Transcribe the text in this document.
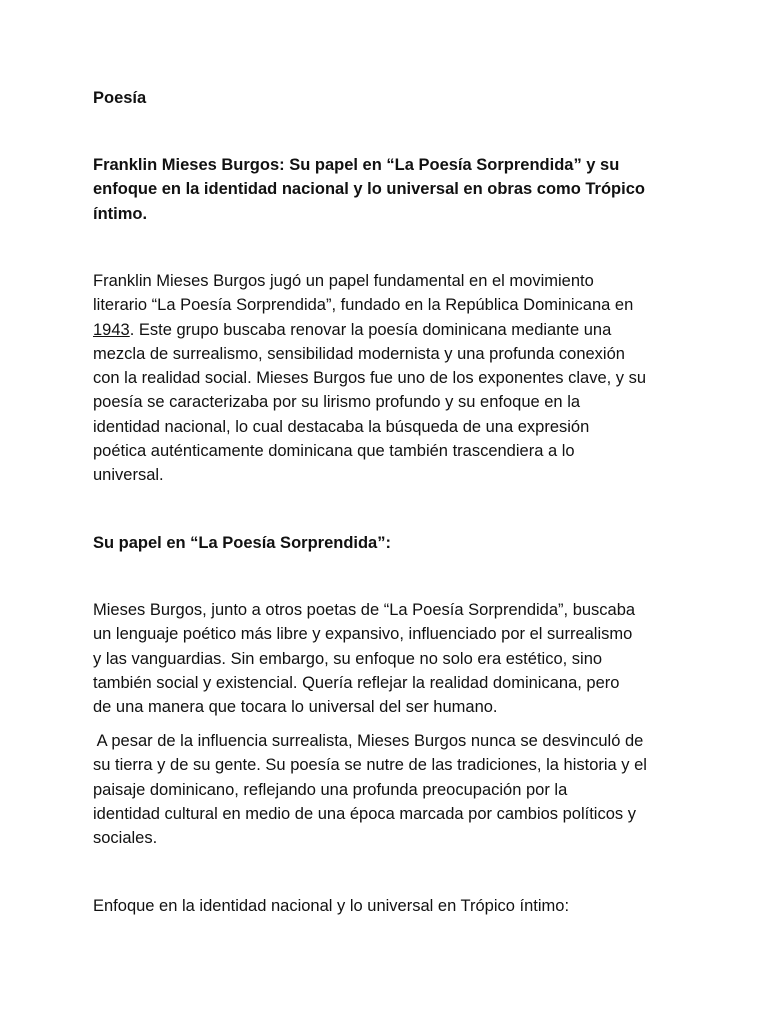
Poesía
Franklin Mieses Burgos: Su papel en “La Poesía Sorprendida” y su
enfoque en la identidad nacional y lo universal en obras como Trópico
íntimo.
Franklin Mieses Burgos jugó un papel fundamental en el movimiento
literario “La Poesía Sorprendida”, fundado en la República Dominicana en
1943. Este grupo buscaba renovar la poesía dominicana mediante una
mezcla de surrealismo, sensibilidad modernista y una profunda conexión
con la realidad social. Mieses Burgos fue uno de los exponentes clave, y su
poesía se caracterizaba por su lirismo profundo y su enfoque en la
identidad nacional, lo cual destacaba la búsqueda de una expresión
poética auténticamente dominicana que también trascendiera a lo
universal.
Su papel en “La Poesía Sorprendida”:
Mieses Burgos, junto a otros poetas de “La Poesía Sorprendida”, buscaba
un lenguaje poético más libre y expansivo, influenciado por el surrealismo
y las vanguardias. Sin embargo, su enfoque no solo era estético, sino
también social y existencial. Quería reflejar la realidad dominicana, pero
de una manera que tocara lo universal del ser humano.
A pesar de la influencia surrealista, Mieses Burgos nunca se desvinculó de
su tierra y de su gente. Su poesía se nutre de las tradiciones, la historia y el
paisaje dominicano, reflejando una profunda preocupación por la
identidad cultural en medio de una época marcada por cambios políticos y
sociales.
Enfoque en la identidad nacional y lo universal en Trópico íntimo:
